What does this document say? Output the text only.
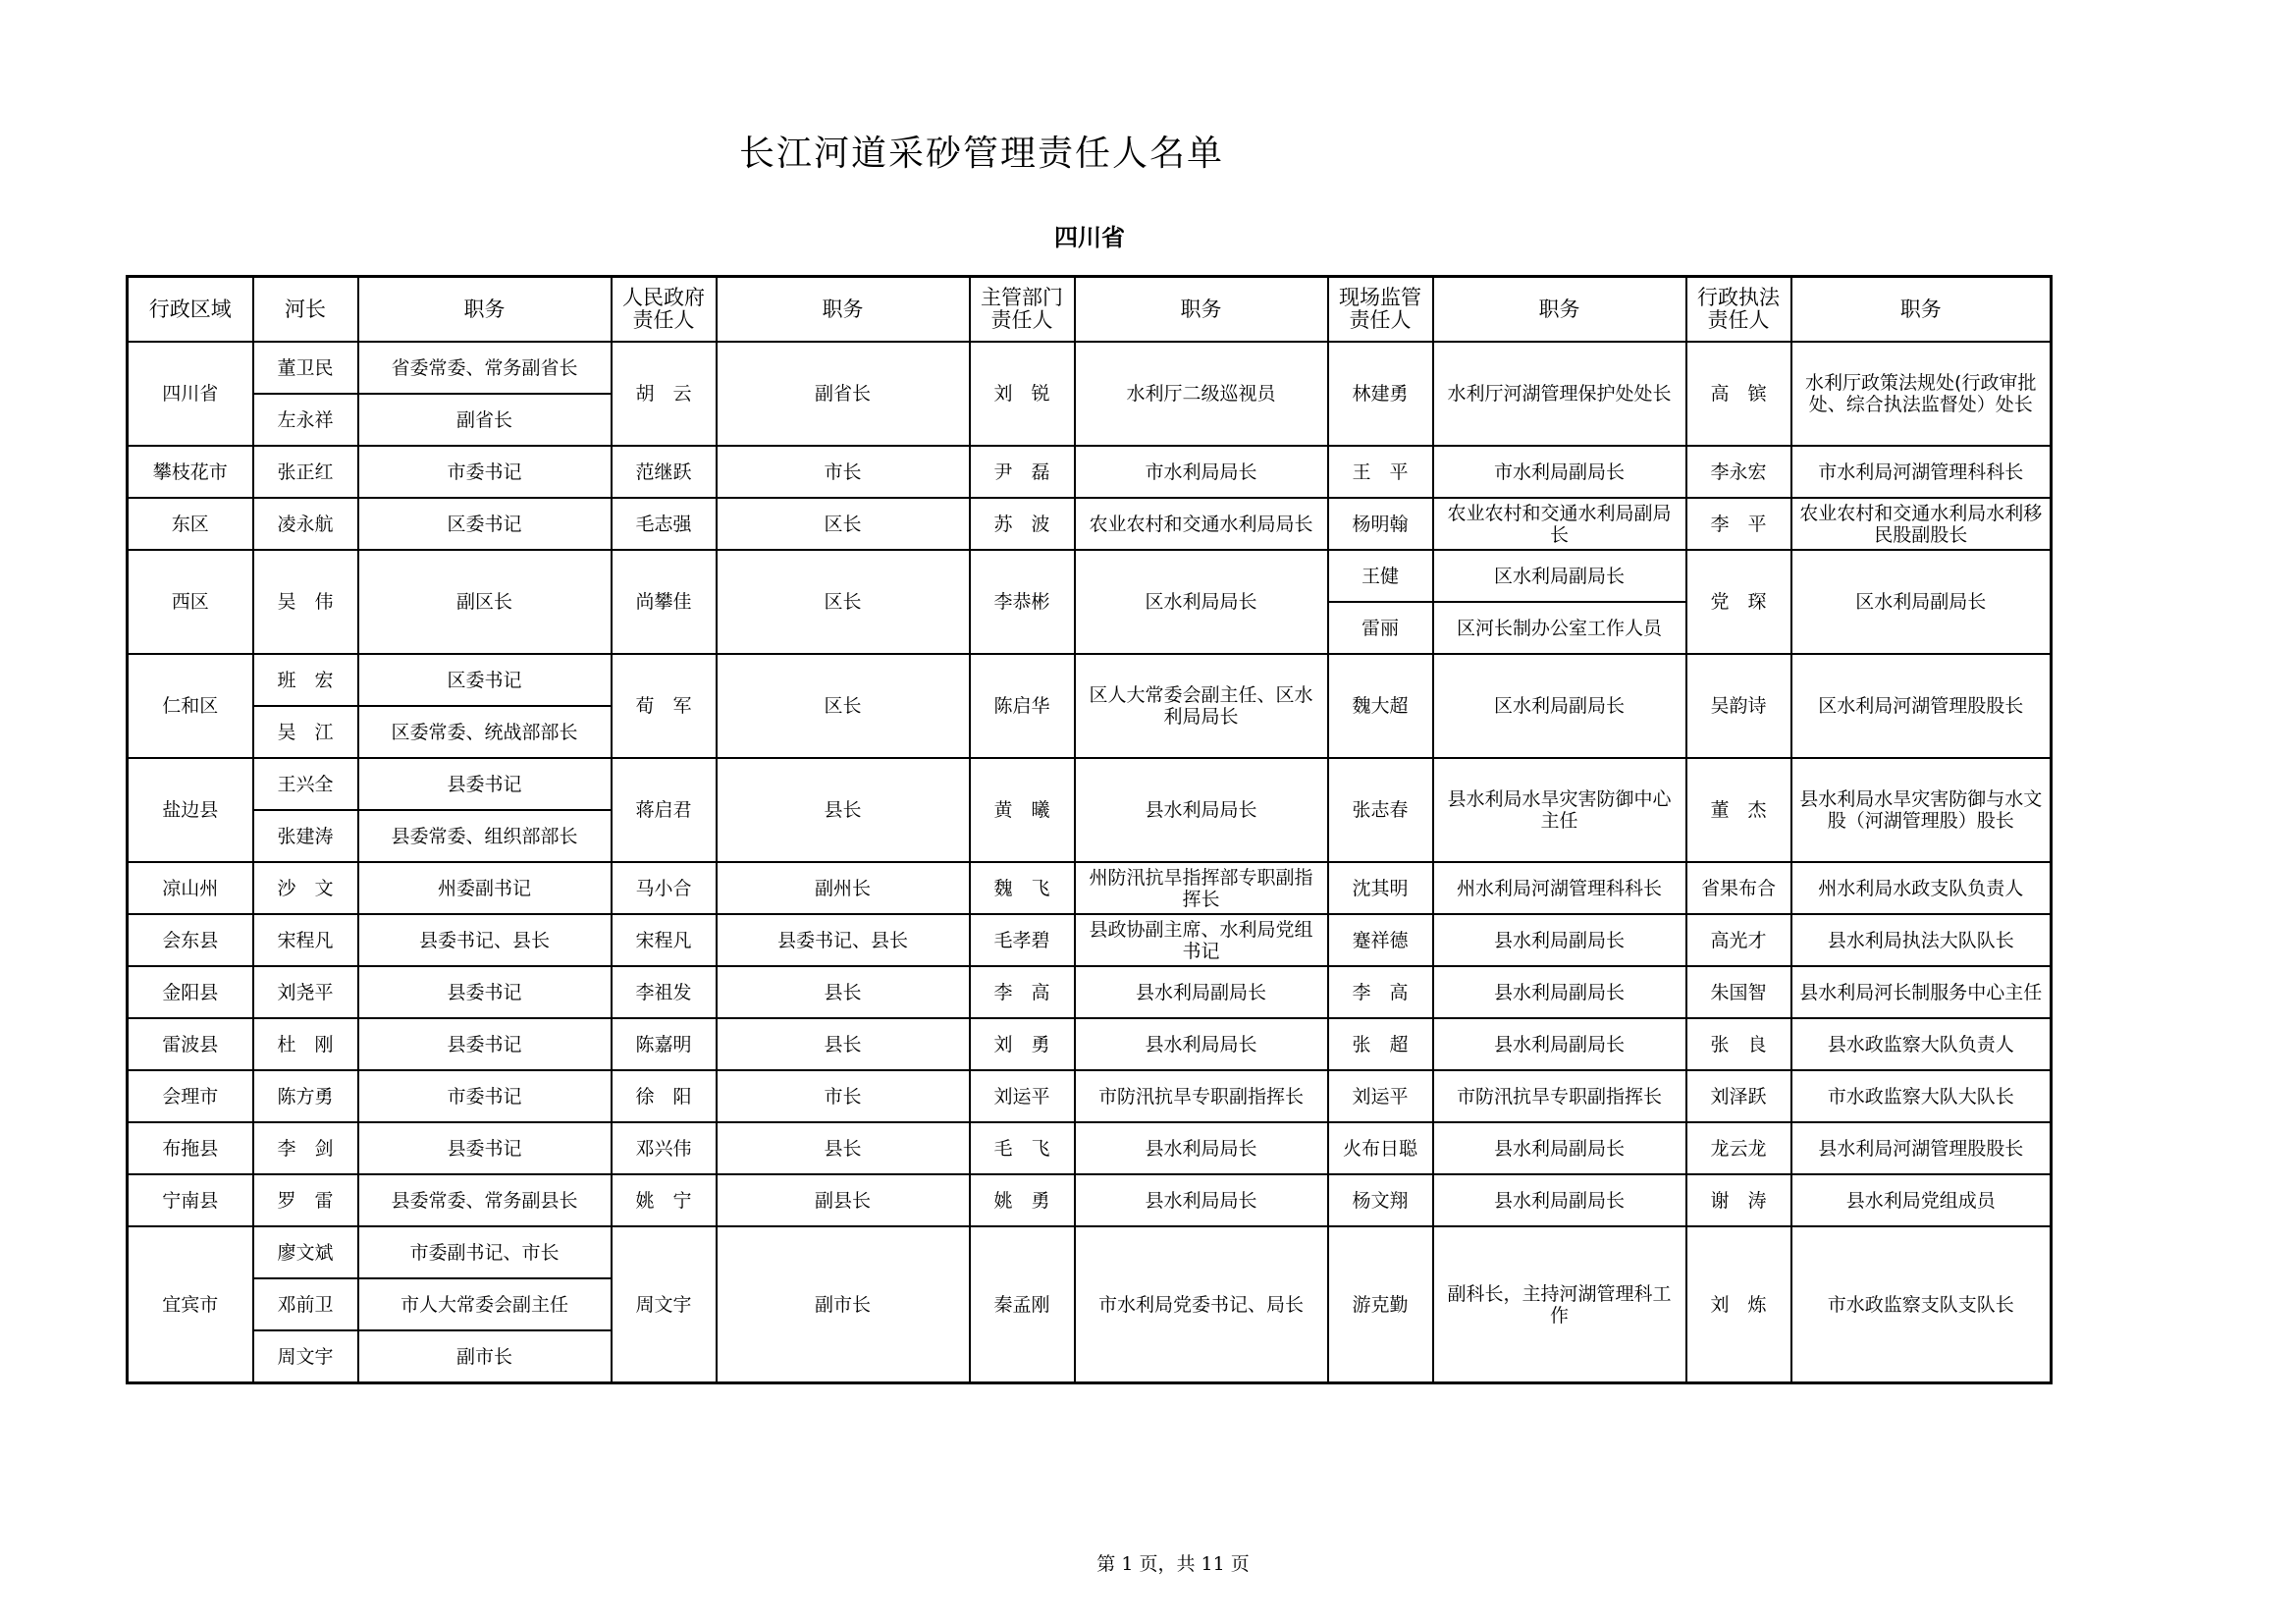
长江河道采砂管理责任人名单
四川省
行政区域	河长	职务	人民政府责任人	职务	主管部门责任人	职务	现场监管责任人	职务	行政执法责任人	职务
四川省	董卫民	省委常委、常务副省长	胡　云	副省长	刘　锐	水利厅二级巡视员	林建勇	水利厅河湖管理保护处处长	高　镔	水利厅政策法规处(行政审批处、综合执法监督处）处长
	左永祥	副省长								
攀枝花市	张正红	市委书记	范继跃	市长	尹　磊	市水利局局长	王　平	市水利局副局长	李永宏	市水利局河湖管理科科长
东区	凌永航	区委书记	毛志强	区长	苏　波	农业农村和交通水利局局长	杨明翰	农业农村和交通水利局副局长	李　平	农业农村和交通水利局水利移民股副股长
西区	吴　伟	副区长	尚攀佳	区长	李恭彬	区水利局局长	王健	区水利局副局长	党　琛	区水利局副局长
							雷丽	区河长制办公室工作人员		
仁和区	班　宏	区委书记	荀　军	区长	陈启华	区人大常委会副主任、区水利局局长	魏大超	区水利局副局长	吴韵诗	区水利局河湖管理股股长
	吴　江	区委常委、统战部部长								
盐边县	王兴全	县委书记	蒋启君	县长	黄　曦	县水利局局长	张志春	县水利局水旱灾害防御中心主任	董　杰	县水利局水旱灾害防御与水文股（河湖管理股）股长
	张建涛	县委常委、组织部部长								
凉山州	沙　文	州委副书记	马小合	副州长	魏　飞	州防汛抗旱指挥部专职副指挥长	沈其明	州水利局河湖管理科科长	省果布合	州水利局水政支队负责人
会东县	宋程凡	县委书记、县长	宋程凡	县委书记、县长	毛孝碧	县政协副主席、水利局党组书记	蹇祥德	县水利局副局长	高光才	县水利局执法大队队长
金阳县	刘尧平	县委书记	李祖发	县长	李　高	县水利局副局长	李　高	县水利局副局长	朱国智	县水利局河长制服务中心主任
雷波县	杜　刚	县委书记	陈嘉明	县长	刘　勇	县水利局局长	张　超	县水利局副局长	张　良	县水政监察大队负责人
会理市	陈方勇	市委书记	徐　阳	市长	刘运平	市防汛抗旱专职副指挥长	刘运平	市防汛抗旱专职副指挥长	刘泽跃	市水政监察大队大队长
布拖县	李　剑	县委书记	邓兴伟	县长	毛　飞	县水利局局长	火布日聪	县水利局副局长	龙云龙	县水利局河湖管理股股长
宁南县	罗　雷	县委常委、常务副县长	姚　宁	副县长	姚　勇	县水利局局长	杨文翔	县水利局副局长	谢　涛	县水利局党组成员
宜宾市	廖文斌	市委副书记、市长	周文宇	副市长	秦孟刚	市水利局党委书记、局长	游克勤	副科长，主持河湖管理科工作	刘　炼	市水政监察支队支队长
	邓前卫	市人大常委会副主任								
	周文宇	副市长								

第 1 页，共 11 页
